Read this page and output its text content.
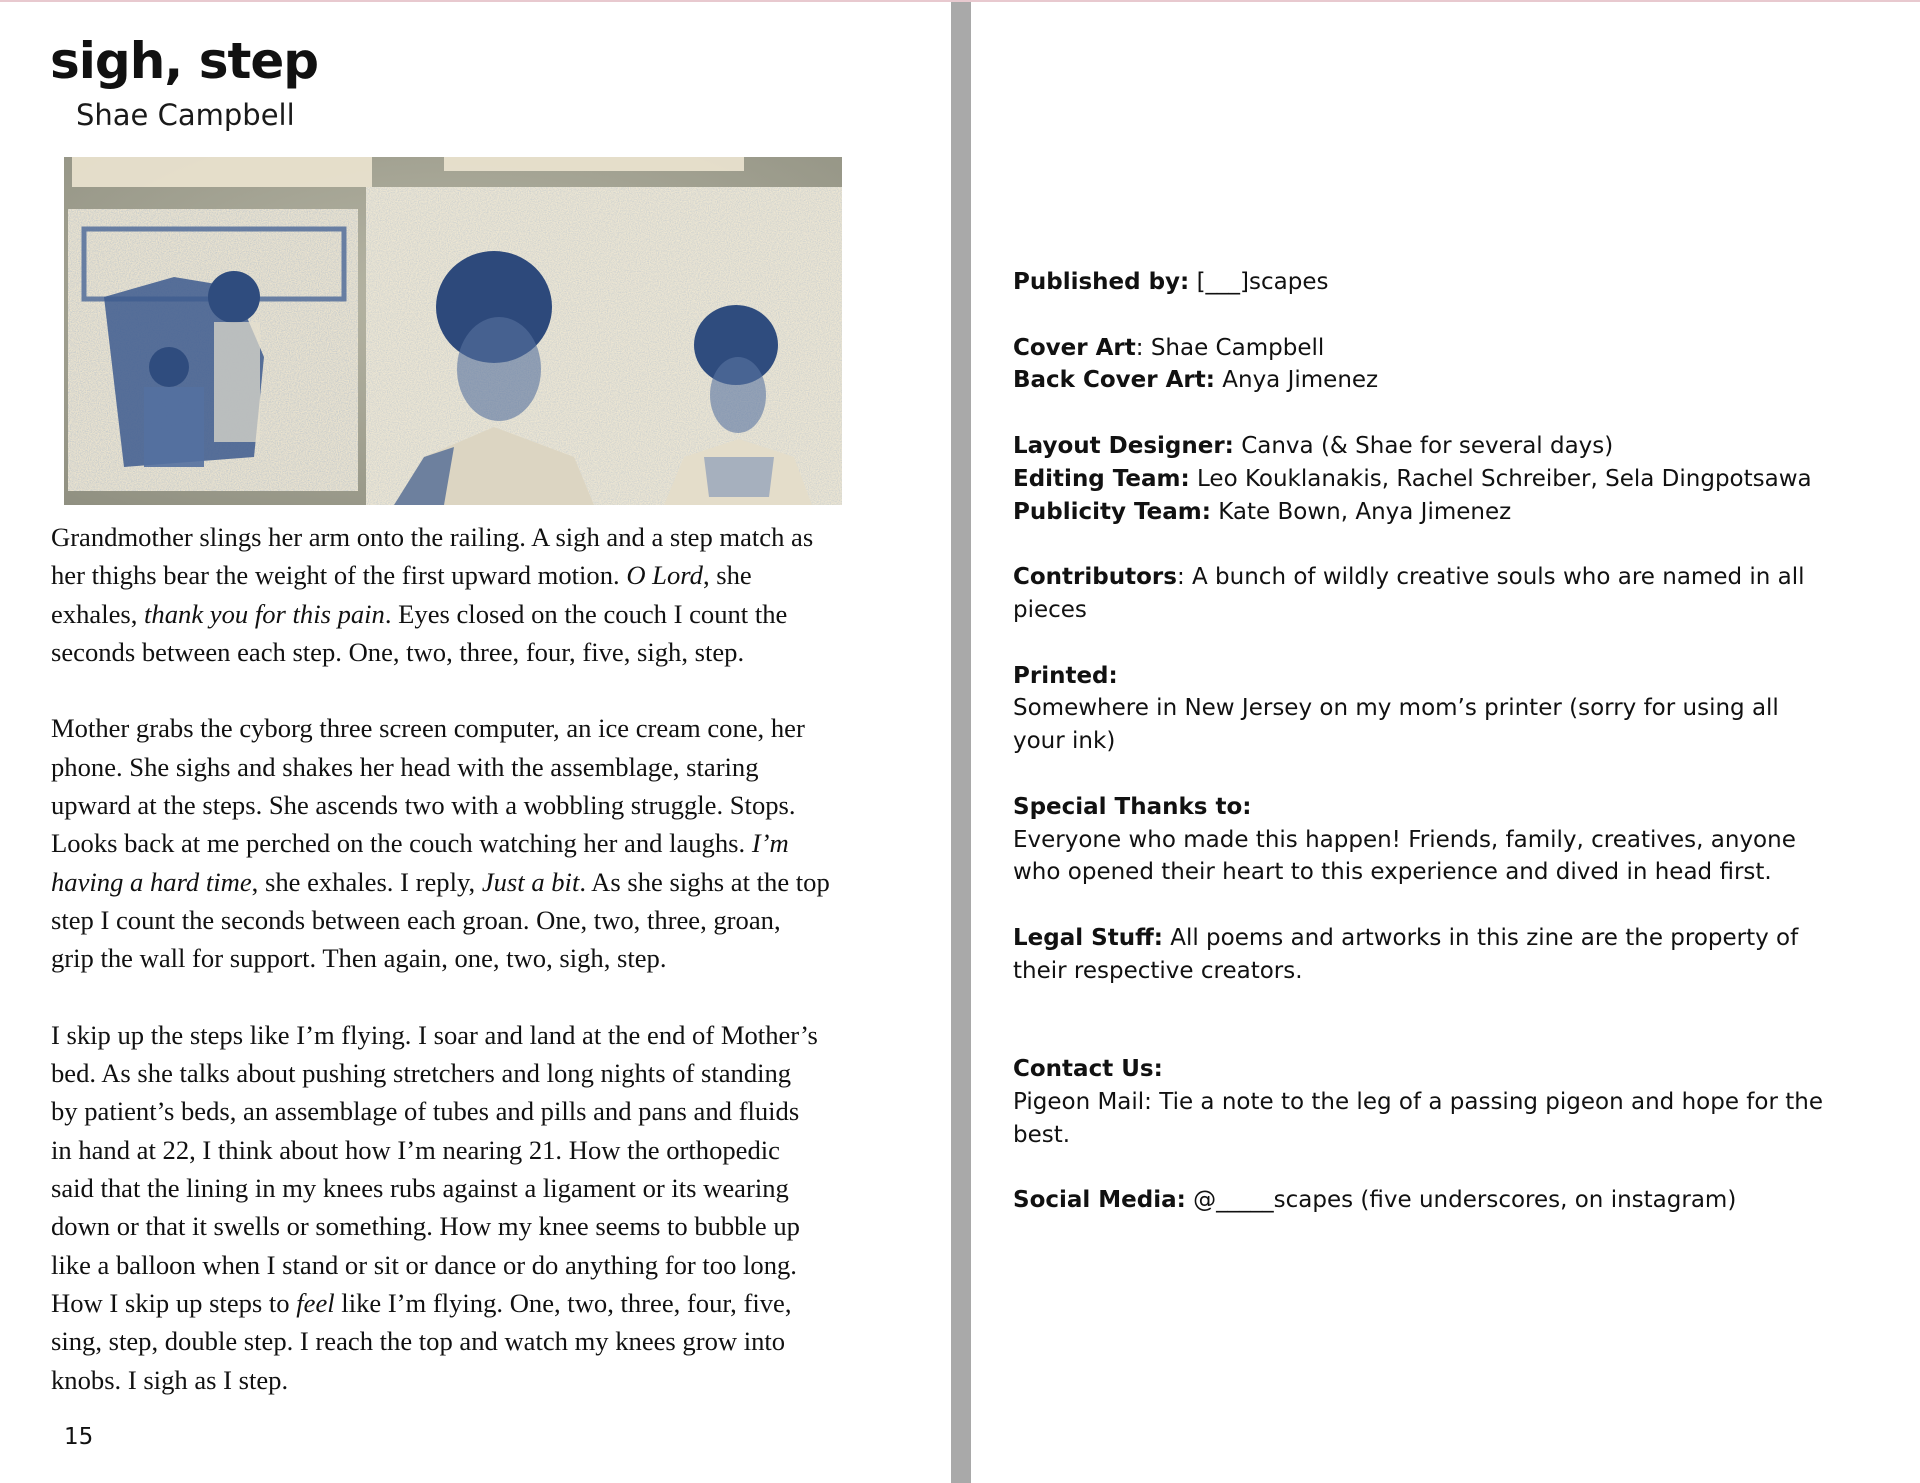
sigh, step
Shae Campbell

Grandmother slings her arm onto the railing. A sigh and a step match as
her thighs bear the weight of the first upward motion. O Lord, she
exhales, thank you for this pain. Eyes closed on the couch I count the
seconds between each step. One, two, three, four, five, sigh, step.

Mother grabs the cyborg three screen computer, an ice cream cone, her
phone. She sighs and shakes her head with the assemblage, staring
upward at the steps. She ascends two with a wobbling struggle. Stops.
Looks back at me perched on the couch watching her and laughs. I’m
having a hard time, she exhales. I reply, Just a bit. As she sighs at the top
step I count the seconds between each groan. One, two, three, groan,
grip the wall for support. Then again, one, two, sigh, step.

I skip up the steps like I’m flying. I soar and land at the end of Mother’s
bed. As she talks about pushing stretchers and long nights of standing
by patient’s beds, an assemblage of tubes and pills and pans and fluids
in hand at 22, I think about how I’m nearing 21. How the orthopedic
said that the lining in my knees rubs against a ligament or its wearing
down or that it swells or something. How my knee seems to bubble up
like a balloon when I stand or sit or dance or do anything for too long.
How I skip up steps to feel like I’m flying. One, two, three, four, five,
sing, step, double step. I reach the top and watch my knees grow into
knobs. I sigh as I step.

15
Published by: [___]scapes
Cover Art: Shae Campbell
Back Cover Art: Anya Jimenez
Layout Designer: Canva (& Shae for several days)
Editing Team: Leo Kouklanakis, Rachel Schreiber, Sela Dingpotsawa
Publicity Team: Kate Bown, Anya Jimenez
Contributors: A bunch of wildly creative souls who are named in all
pieces
Printed:
Somewhere in New Jersey on my mom’s printer (sorry for using all
your ink)
Special Thanks to:
Everyone who made this happen! Friends, family, creatives, anyone
who opened their heart to this experience and dived in head first.
Legal Stuff: All poems and artworks in this zine are the property of
their respective creators.
Contact Us:
Pigeon Mail: Tie a note to the leg of a passing pigeon and hope for the
best.
Social Media: @_____scapes (five underscores, on instagram)
